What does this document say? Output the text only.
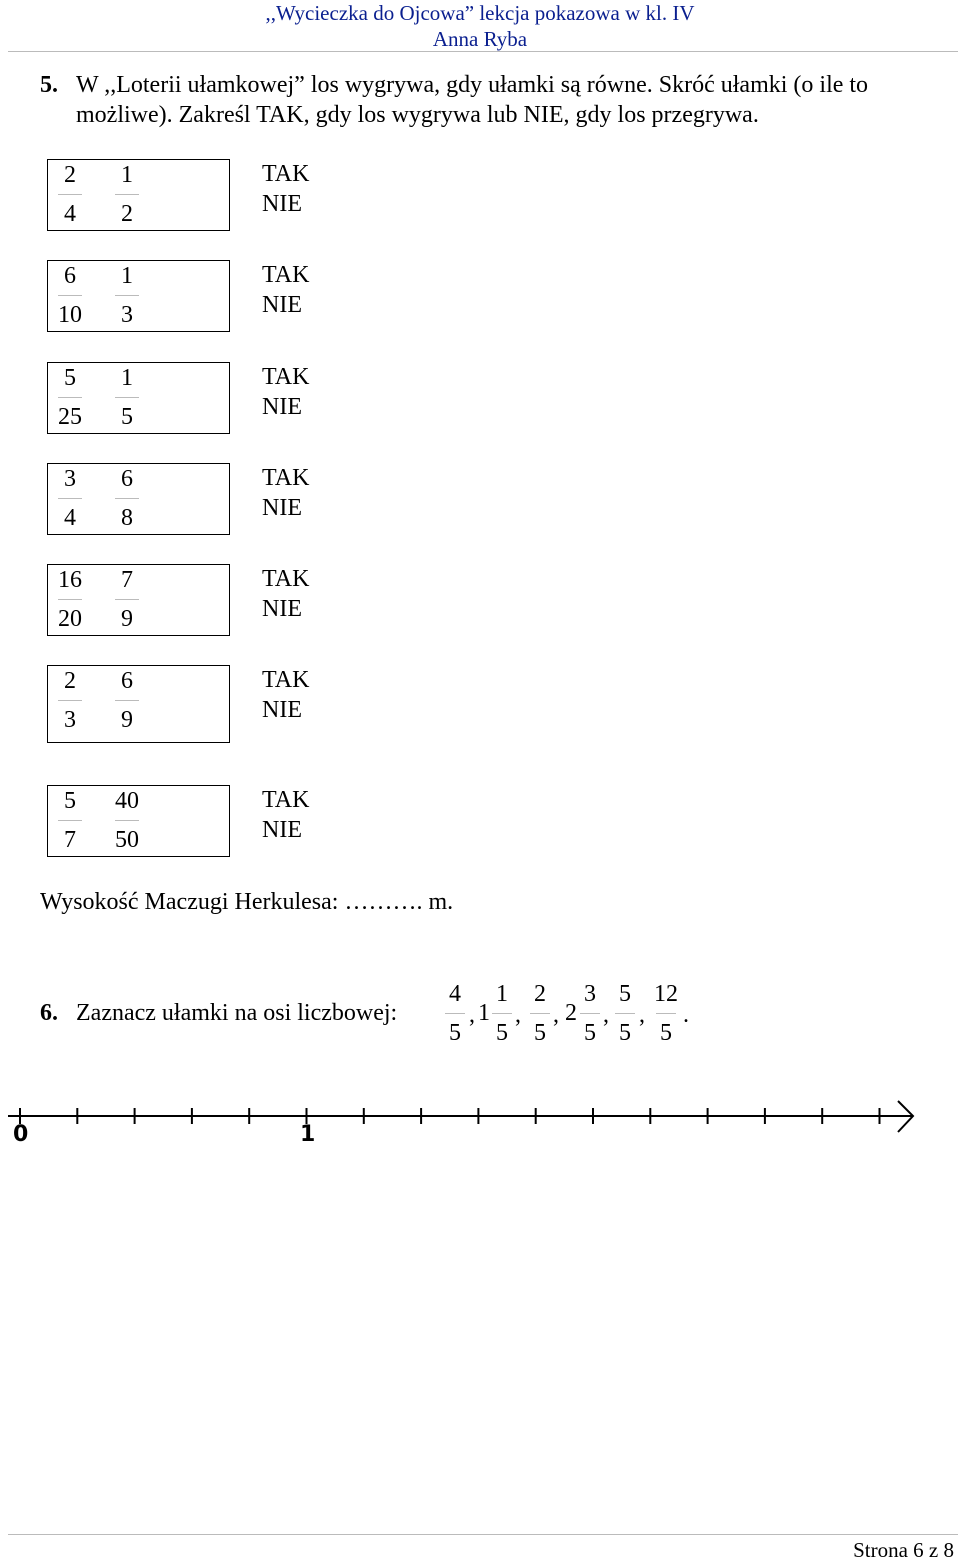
,,Wycieczka do Ojcowa” lekcja pokazowa w kl. IV
Anna Ryba
5. W ,,Loterii ułamkowej” los wygrywa, gdy ułamki są równe. Skróć ułamki (o ile to
możliwe). Zakreśl TAK, gdy los wygrywa lub NIE, gdy los przegrywa.
2
4
1
2
TAK
NIE
6
10
1
3
TAK
NIE
5
25
1
5
TAK
NIE
3
4
6
8
TAK
NIE
16
20
7
9
TAK
NIE
2
3
6
9
TAK
NIE
5
7
40
50
TAK
NIE
Wysokość Maczugi Herkulesa: ………. m.
6. Zaznacz ułamki na osi liczbowej:
4
5
, 1
1
5
,
2
5
, 2
3
5
,
5
5
,
12
5
.
0	1
Strona 6 z 8
